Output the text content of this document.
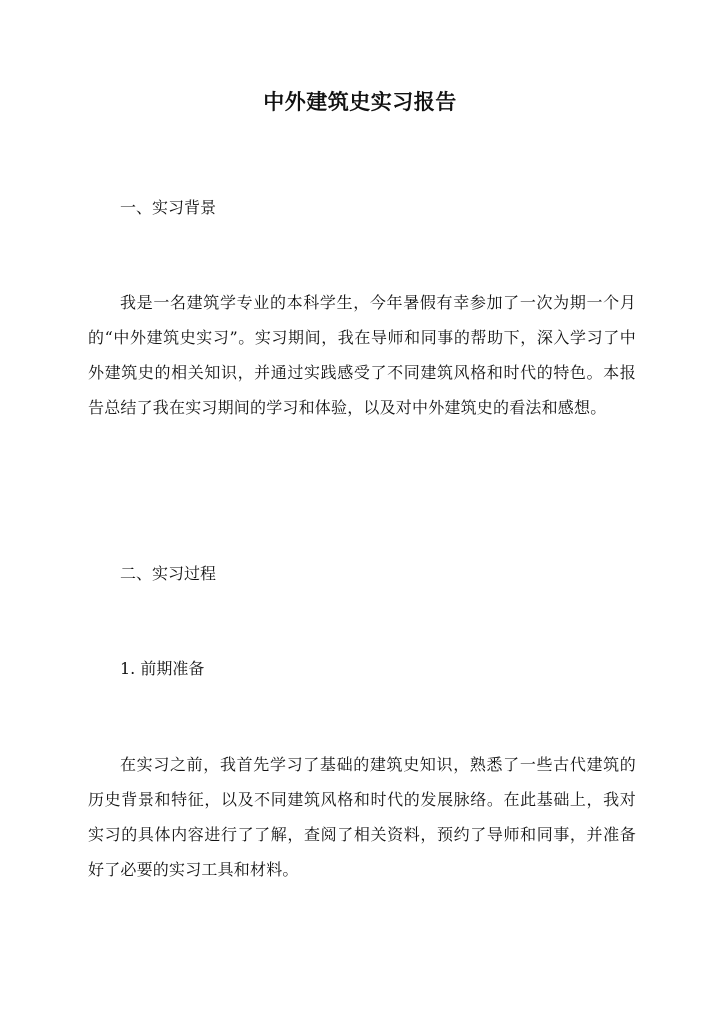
中外建筑史实习报告
一、实习背景

我是一名建筑学专业的本科学生，今年暑假有幸参加了一次为期一个月的“中外建筑史实习”。实习期间，我在导师和同事的帮助下，深入学习了中外建筑史的相关知识，并通过实践感受了不同建筑风格和时代的特色。本报告总结了我在实习期间的学习和体验，以及对中外建筑史的看法和感想。

二、实习过程
1. 前期准备

在实习之前，我首先学习了基础的建筑史知识，熟悉了一些古代建筑的历史背景和特征，以及不同建筑风格和时代的发展脉络。在此基础上，我对实习的具体内容进行了了解，查阅了相关资料，预约了导师和同事，并准备好了必要的实习工具和材料。
